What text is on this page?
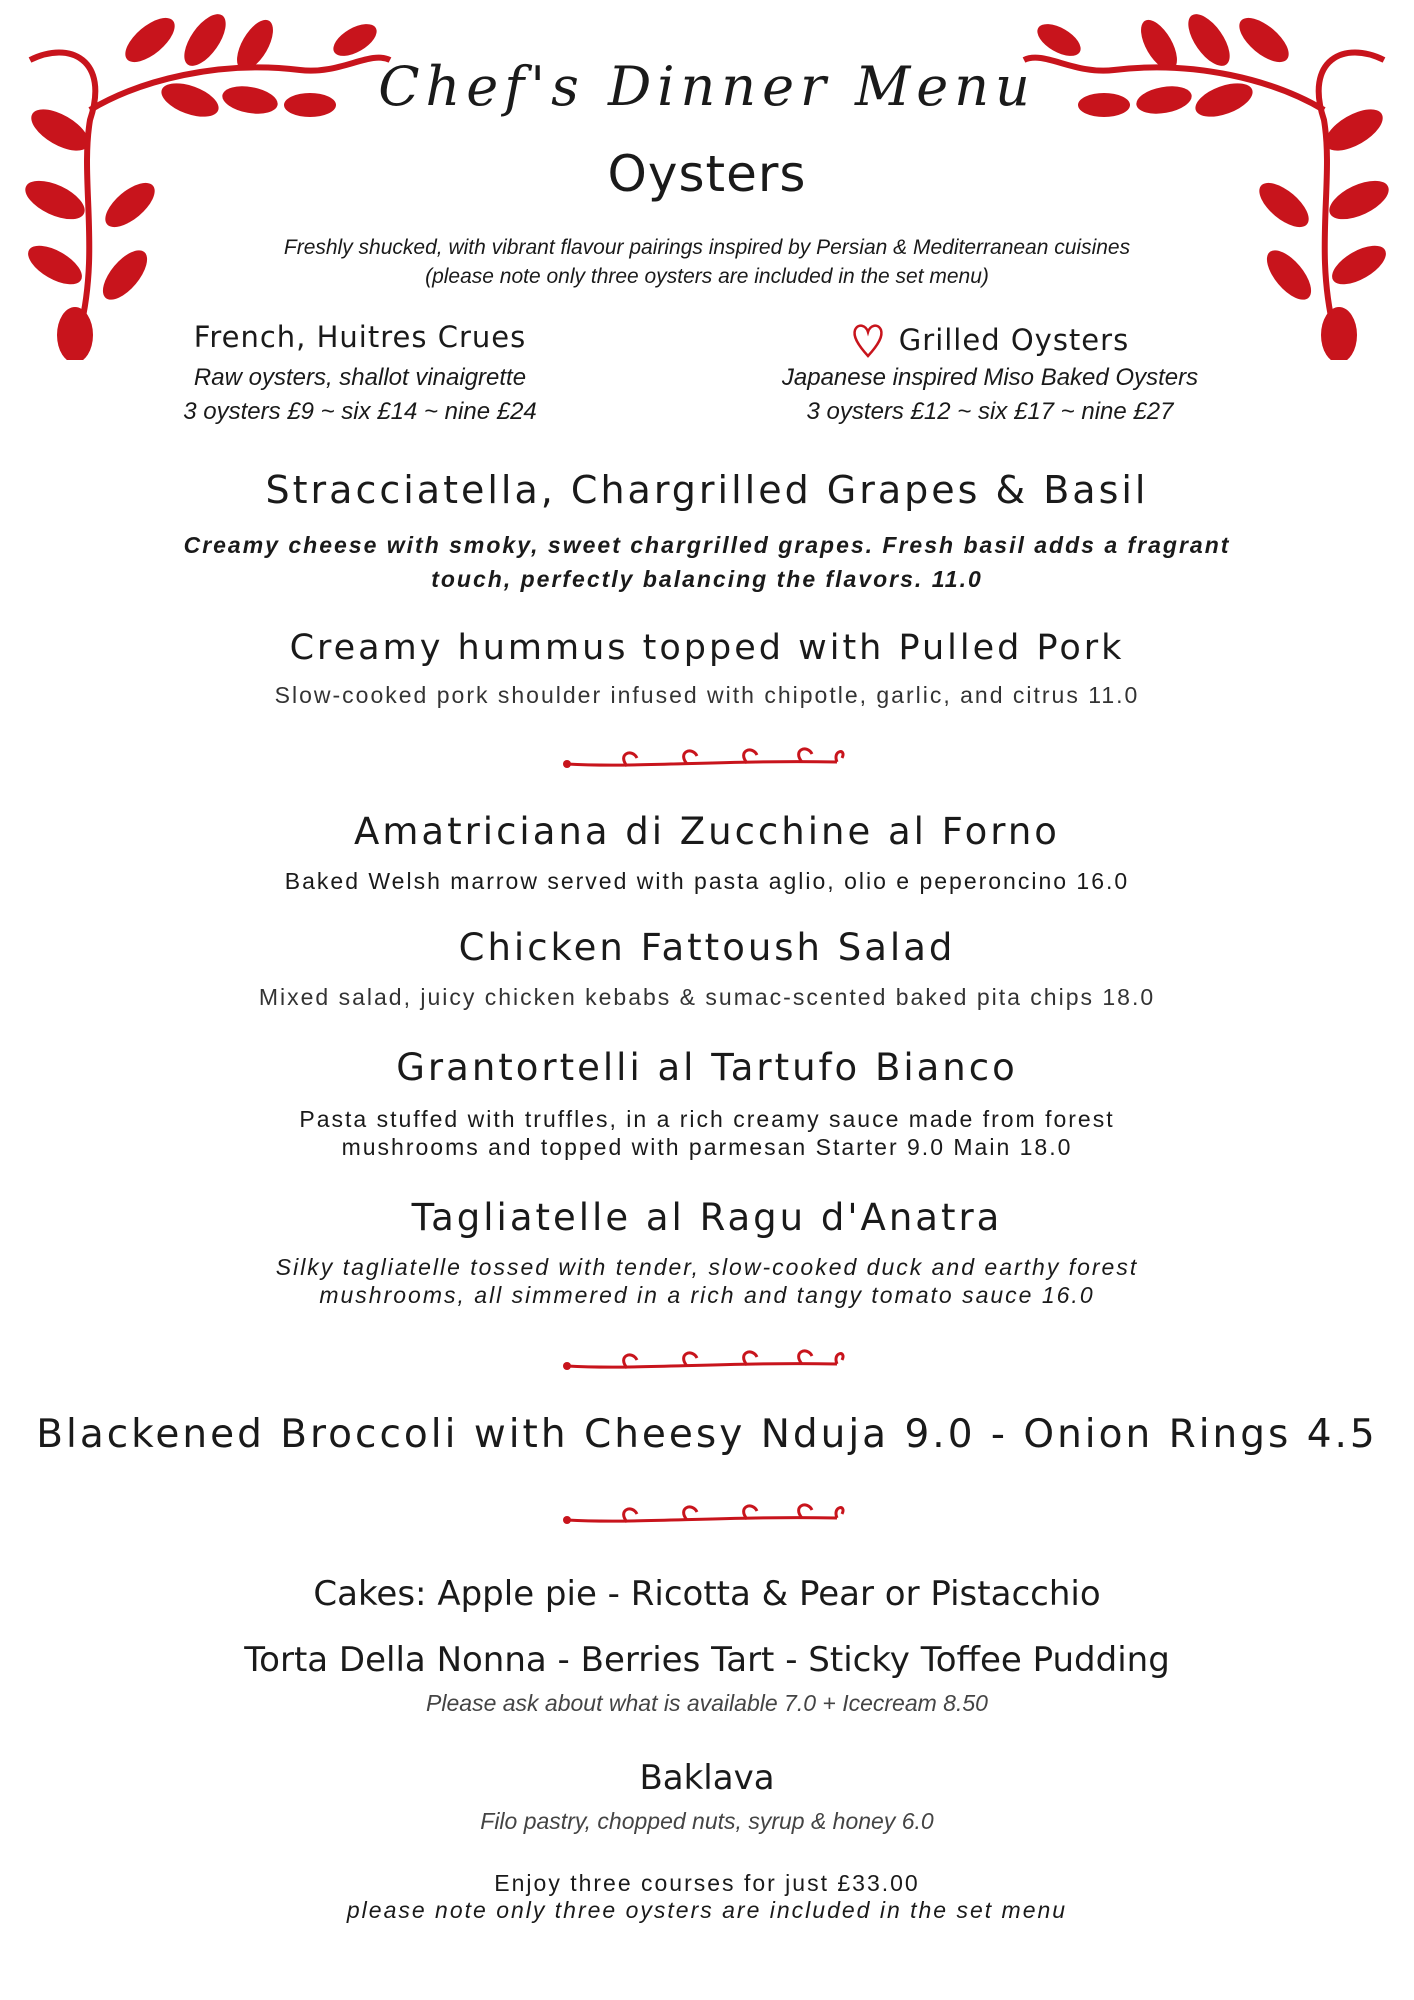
Chef's Dinner Menu
Oysters
Freshly shucked, with vibrant flavour pairings inspired by Persian & Mediterranean cuisines
(please note only three oysters are included in the set menu)
French, Huitres Crues
Raw oysters, shallot vinaigrette
3 oysters £9 ~ six £14 ~ nine £24
Grilled Oysters
Japanese inspired Miso Baked Oysters
3 oysters £12 ~ six £17 ~ nine £27
Stracciatella, Chargrilled Grapes & Basil
Creamy cheese with smoky, sweet chargrilled grapes. Fresh basil adds a fragrant
touch, perfectly balancing the flavors. 11.0
Creamy hummus topped with Pulled Pork
Slow-cooked pork shoulder infused with chipotle, garlic, and citrus 11.0
Amatriciana di Zucchine al Forno
Baked Welsh marrow served with pasta aglio, olio e peperoncino 16.0
Chicken Fattoush Salad
Mixed salad, juicy chicken kebabs & sumac-scented baked pita chips 18.0
Grantortelli al Tartufo Bianco
Pasta stuffed with truffles, in a rich creamy sauce made from forest
mushrooms and topped with parmesan Starter 9.0 Main 18.0
Tagliatelle al Ragu d'Anatra
Silky tagliatelle tossed with tender, slow-cooked duck and earthy forest
mushrooms, all simmered in a rich and tangy tomato sauce 16.0
Blackened Broccoli with Cheesy Nduja 9.0 - Onion Rings 4.5
Cakes: Apple pie - Ricotta & Pear or Pistacchio
Torta Della Nonna - Berries Tart - Sticky Toffee Pudding
Please ask about what is available 7.0 + Icecream 8.50
Baklava
Filo pastry, chopped nuts, syrup & honey 6.0
Enjoy three courses for just £33.00
please note only three oysters are included in the set menu
